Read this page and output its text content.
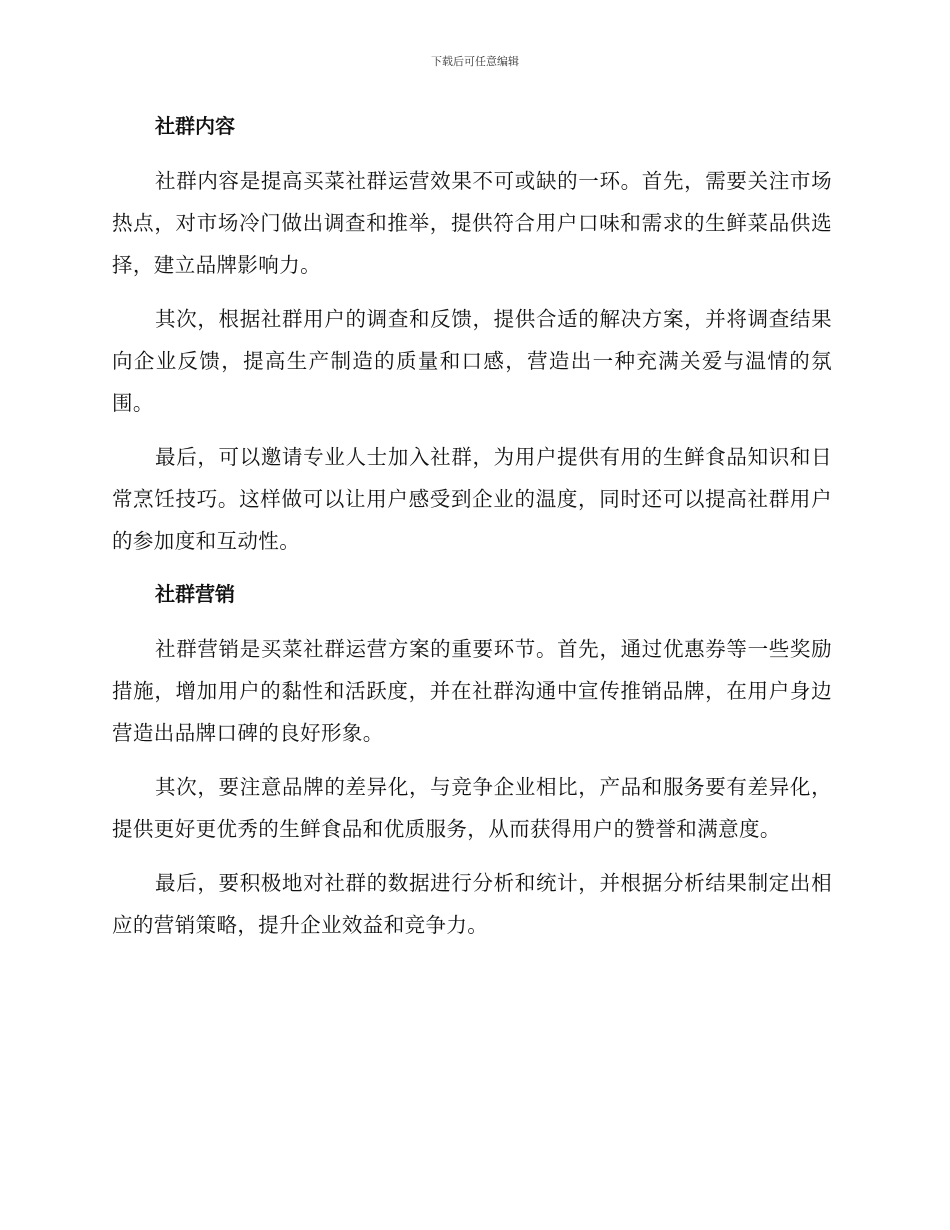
下载后可任意编辑
社群内容

社群内容是提高买菜社群运营效果不可或缺的一环。首先，需要关注市场热点，对市场冷门做出调查和推举，提供符合用户口味和需求的生鲜菜品供选择，建立品牌影响力。

其次，根据社群用户的调查和反馈，提供合适的解决方案，并将调查结果向企业反馈，提高生产制造的质量和口感，营造出一种充满关爱与温情的氛围。

最后，可以邀请专业人士加入社群，为用户提供有用的生鲜食品知识和日常烹饪技巧。这样做可以让用户感受到企业的温度，同时还可以提高社群用户的参加度和互动性。

社群营销

社群营销是买菜社群运营方案的重要环节。首先，通过优惠券等一些奖励措施，增加用户的黏性和活跃度，并在社群沟通中宣传推销品牌，在用户身边营造出品牌口碑的良好形象。

其次，要注意品牌的差异化，与竞争企业相比，产品和服务要有差异化，提供更好更优秀的生鲜食品和优质服务，从而获得用户的赞誉和满意度。

最后，要积极地对社群的数据进行分析和统计，并根据分析结果制定出相应的营销策略，提升企业效益和竞争力。
